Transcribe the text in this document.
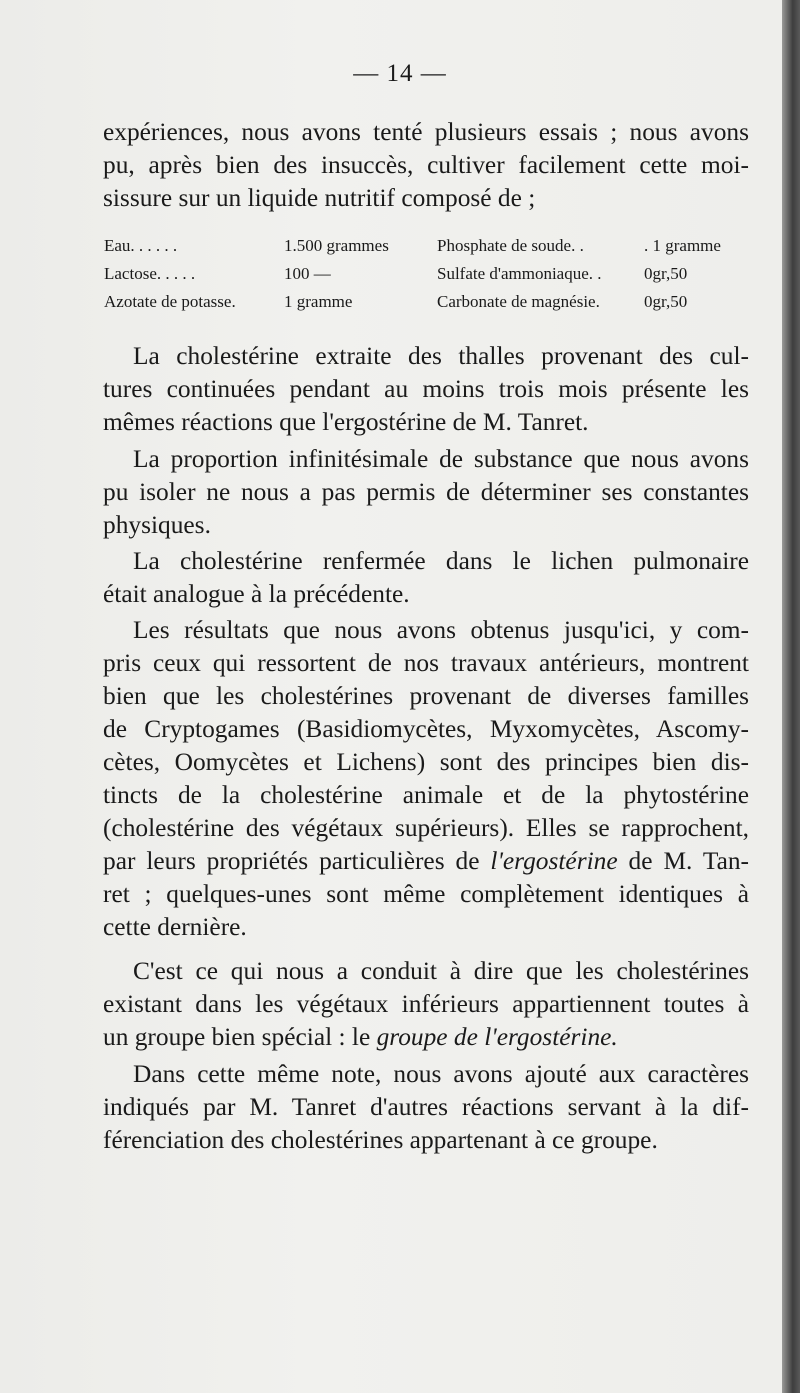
— 14 —
expériences, nous avons tenté plusieurs essais ; nous avons
pu, après bien des insuccès, cultiver facilement cette moi-
sissure sur un liquide nutritif composé de ;
Eau. . . . . .	1.500 grammes	Phosphate de soude. .	. 1 gramme
Lactose. . . . .	100 —	Sulfate d'ammoniaque. . 0gr,50
Azotate de potasse.	1 gramme	Carbonate de magnésie.	0gr,50
La cholestérine extraite des thalles provenant des cul-
tures continuées pendant au moins trois mois présente les
mêmes réactions que l'ergostérine de M. Tanret.
La proportion infinitésimale de substance que nous avons
pu isoler ne nous a pas permis de déterminer ses constantes
physiques.
La cholestérine renfermée dans le lichen pulmonaire
était analogue à la précédente.
Les résultats que nous avons obtenus jusqu'ici, y com-
pris ceux qui ressortent de nos travaux antérieurs, montrent
bien que les cholestérines provenant de diverses familles
de Cryptogames (Basidiomycètes, Myxomycètes, Ascomy-
cètes, Oomycètes et Lichens) sont des principes bien dis-
tincts de la cholestérine animale et de la phytostérine
(cholestérine des végétaux supérieurs). Elles se rapprochent,
par leurs propriétés particulières de l'ergostérine de M. Tan-
ret ; quelques-unes sont même complètement identiques à
cette dernière.
C'est ce qui nous a conduit à dire que les cholestérines
existant dans les végétaux inférieurs appartiennent toutes à
un groupe bien spécial : le groupe de l'ergostérine.
Dans cette même note, nous avons ajouté aux caractères
indiqués par M. Tanret d'autres réactions servant à la dif-
férenciation des cholestérines appartenant à ce groupe.
